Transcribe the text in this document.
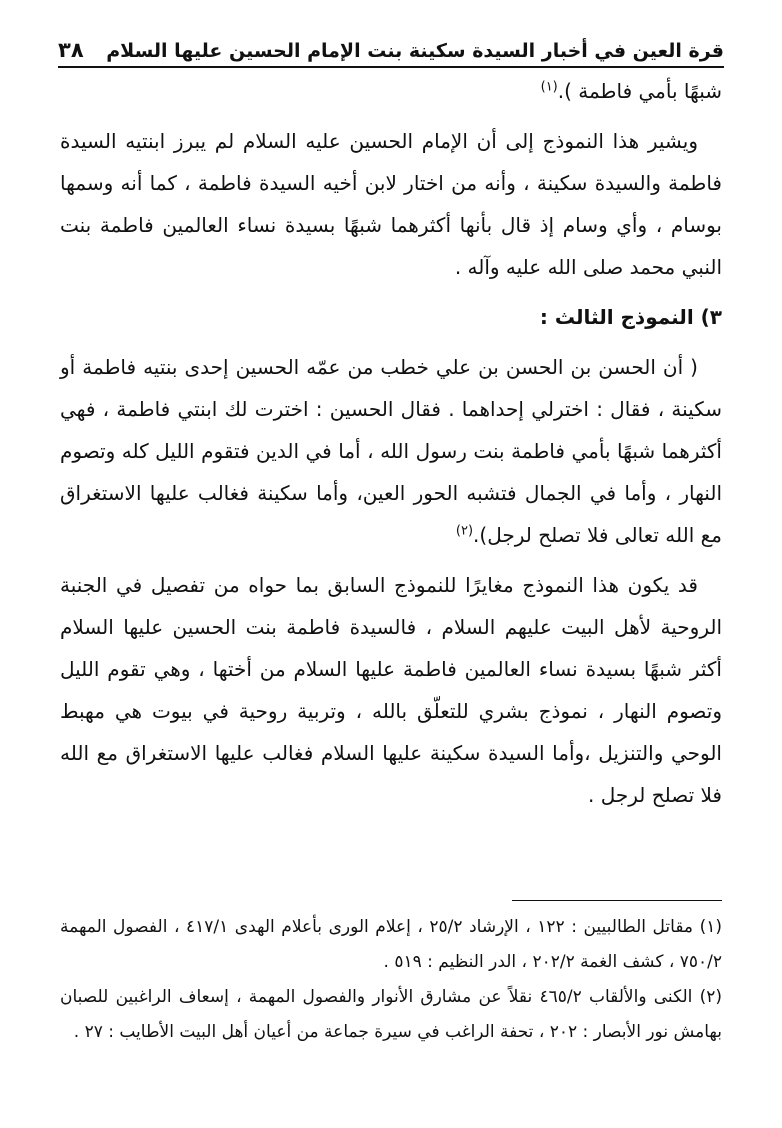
قرة العين في أخبار السيدة سكينة بنت الإمام الحسين عليها السلام
٣٨

شبهًا بأمي فاطمة ).$^{(١)}$

ويشير هذا النموذج إلى أن الإمام الحسين عليه السلام لم يبرز ابنتيه السيدة فاطمة والسيدة سكينة ، وأنه من اختار لابن أخيه السيدة فاطمة ، كما أنه وسمها بوسام ، وأي وسام إذ قال بأنها أكثرهما شبهًا بسيدة نساء العالمين فاطمة بنت النبي محمد صلى الله عليه وآله .

٣) النموذج الثالث :

( أن الحسن بن الحسن بن علي خطب من عمّه الحسين إحدى بنتيه فاطمة أو سكينة ، فقال : اخترلي إحداهما . فقال الحسين : اخترت لك ابنتي فاطمة ، فهي أكثرهما شبهًا بأمي فاطمة بنت رسول الله ، أما في الدين فتقوم الليل كله وتصوم النهار ، وأما في الجمال فتشبه الحور العين، وأما سكينة فغالب عليها الاستغراق مع الله تعالى فلا تصلح لرجل).$^{(٢)}$

قد يكون هذا النموذج مغايرًا للنموذج السابق بما حواه من تفصيل في الجنبة الروحية لأهل البيت عليهم السلام ، فالسيدة فاطمة بنت الحسين عليها السلام أكثر شبهًا بسيدة نساء العالمين فاطمة عليها السلام من أختها ، وهي تقوم الليل وتصوم النهار ، نموذج بشري للتعلّق بالله ، وتربية روحية في بيوت هي مهبط الوحي والتنزيل ،وأما السيدة سكينة عليها السلام فغالب عليها الاستغراق مع الله فلا تصلح لرجل .

(١) مقاتل الطالبيين : ١٢٢ ، الإرشاد ٢٥/٢ ، إعلام الورى بأعلام الهدى ٤١٧/١ ، الفصول المهمة ٧٥٠/٢ ، كشف الغمة ٢٠٢/٢ ، الدر النظيم : ٥١٩ .

(٢) الكنى والألقاب ٤٦٥/٢ نقلاً عن مشارق الأنوار والفصول المهمة ، إسعاف الراغبين للصبان بهامش نور الأبصار : ٢٠٢ ، تحفة الراغب في سيرة جماعة من أعيان أهل البيت الأطايب : ٢٧ .
